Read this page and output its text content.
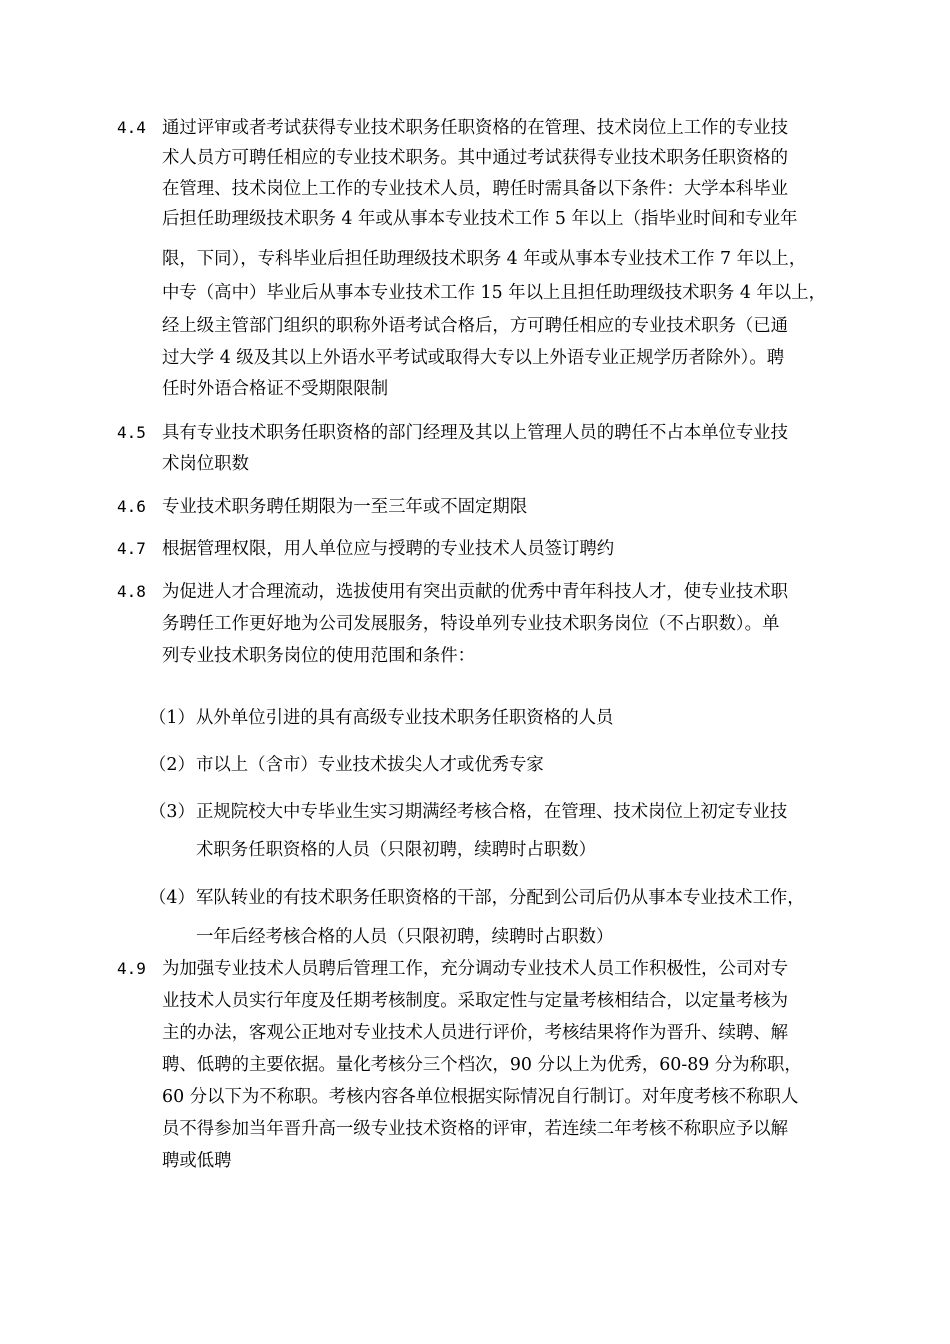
4.4 通过评审或者考试获得专业技术职务任职资格的在管理、技术岗位上工作的专业技
术人员方可聘任相应的专业技术职务。其中通过考试获得专业技术职务任职资格的
在管理、技术岗位上工作的专业技术人员，聘任时需具备以下条件：大学本科毕业
后担任助理级技术职务 4 年或从事本专业技术工作 5 年以上（指毕业时间和专业年
限，下同），专科毕业后担任助理级技术职务 4 年或从事本专业技术工作 7 年以上，
中专（高中）毕业后从事本专业技术工作 15 年以上且担任助理级技术职务 4 年以上，
经上级主管部门组织的职称外语考试合格后，方可聘任相应的专业技术职务（已通
过大学 4 级及其以上外语水平考试或取得大专以上外语专业正规学历者除外）。聘
任时外语合格证不受期限限制
4.5 具有专业技术职务任职资格的部门经理及其以上管理人员的聘任不占本单位专业技
术岗位职数
4.6 专业技术职务聘任期限为一至三年或不固定期限
4.7 根据管理权限，用人单位应与授聘的专业技术人员签订聘约
4.8 为促进人才合理流动，选拔使用有突出贡献的优秀中青年科技人才，使专业技术职
务聘任工作更好地为公司发展服务，特设单列专业技术职务岗位（不占职数）。单
列专业技术职务岗位的使用范围和条件：
（1） 从外单位引进的具有高级专业技术职务任职资格的人员
（2） 市以上（含市）专业技术拔尖人才或优秀专家
（3） 正规院校大中专毕业生实习期满经考核合格，在管理、技术岗位上初定专业技
术职务任职资格的人员（只限初聘，续聘时占职数）
（4） 军队转业的有技术职务任职资格的干部，分配到公司后仍从事本专业技术工作，
一年后经考核合格的人员（只限初聘，续聘时占职数）
4.9 为加强专业技术人员聘后管理工作，充分调动专业技术人员工作积极性，公司对专
业技术人员实行年度及任期考核制度。采取定性与定量考核相结合，以定量考核为
主的办法，客观公正地对专业技术人员进行评价，考核结果将作为晋升、续聘、解
聘、低聘的主要依据。量化考核分三个档次，90 分以上为优秀，60-89 分为称职，
60 分以下为不称职。考核内容各单位根据实际情况自行制订。对年度考核不称职人
员不得参加当年晋升高一级专业技术资格的评审，若连续二年考核不称职应予以解
聘或低聘
